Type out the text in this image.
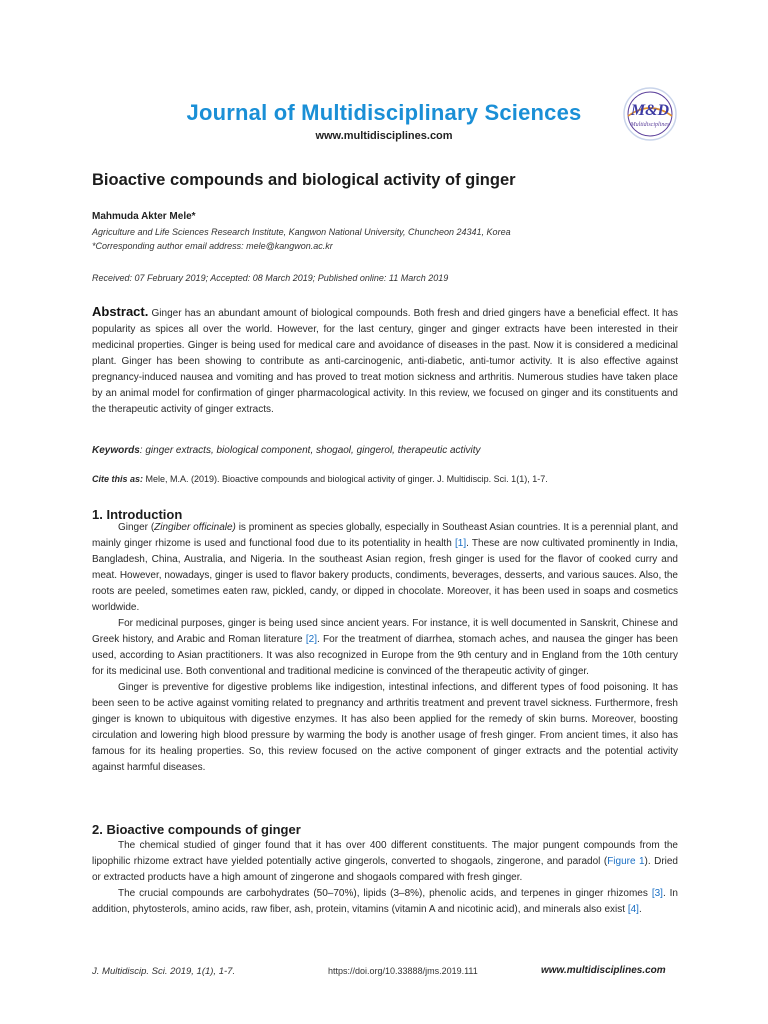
Journal of Multidisciplinary Sciences
www.multidisciplines.com
M&D
Multidisciplines
Bioactive compounds and biological activity of ginger
Mahmuda Akter Mele*
Agriculture and Life Sciences Research Institute, Kangwon National University, Chuncheon 24341, Korea
*Corresponding author email address: mele@kangwon.ac.kr
Received: 07 February 2019; Accepted: 08 March 2019; Published online: 11 March 2019
Abstract. Ginger has an abundant amount of biological compounds. Both fresh and dried gingers have a beneficial effect. It has popularity as spices all over the world. However, for the last century, ginger and ginger extracts have been interested in their medicinal properties. Ginger is being used for medical care and avoidance of diseases in the past. Now it is considered a medicinal plant. Ginger has been showing to contribute as anti-carcinogenic, anti-diabetic, anti-tumor activity. It is also effective against pregnancy-induced nausea and vomiting and has proved to treat motion sickness and arthritis. Numerous studies have taken place by an animal model for confirmation of ginger pharmacological activity. In this review, we focused on ginger and its constituents and the therapeutic activity of ginger extracts.
Keywords: ginger extracts, biological component, shogaol, gingerol, therapeutic activity
Cite this as: Mele, M.A. (2019). Bioactive compounds and biological activity of ginger. J. Multidiscip. Sci. 1(1), 1-7.
1. Introduction

Ginger (Zingiber officinale) is prominent as species globally, especially in Southeast Asian countries. It is a perennial plant, and mainly ginger rhizome is used and functional food due to its potentiality in health [1]. These are now cultivated prominently in India, Bangladesh, China, Australia, and Nigeria. In the southeast Asian region, fresh ginger is used for the flavor of cooked curry and meat. However, nowadays, ginger is used to flavor bakery products, condiments, beverages, desserts, and various sauces. Also, the roots are peeled, sometimes eaten raw, pickled, candy, or dipped in chocolate. Moreover, it has been used in soaps and cosmetics worldwide.

For medicinal purposes, ginger is being used since ancient years. For instance, it is well documented in Sanskrit, Chinese and Greek history, and Arabic and Roman literature [2]. For the treatment of diarrhea, stomach aches, and nausea the ginger has been used, according to Asian practitioners. It was also recognized in Europe from the 9th century and in England from the 10th century for its medicinal use. Both conventional and traditional medicine is convinced of the therapeutic activity of ginger.

Ginger is preventive for digestive problems like indigestion, intestinal infections, and different types of food poisoning. It has been seen to be active against vomiting related to pregnancy and arthritis treatment and prevent travel sickness. Furthermore, fresh ginger is known to ubiquitous with digestive enzymes. It has also been applied for the remedy of skin burns. Moreover, boosting circulation and lowering high blood pressure by warming the body is another usage of fresh ginger. From ancient times, it also has famous for its healing properties. So, this review focused on the active component of ginger extracts and the potential activity against harmful diseases.

2. Bioactive compounds of ginger

The chemical studied of ginger found that it has over 400 different constituents. The major pungent compounds from the lipophilic rhizome extract have yielded potentially active gingerols, converted to shogaols, zingerone, and paradol (Figure 1). Dried or extracted products have a high amount of zingerone and shogaols compared with fresh ginger.

The crucial compounds are carbohydrates (50–70%), lipids (3–8%), phenolic acids, and terpenes in ginger rhizomes [3]. In addition, phytosterols, amino acids, raw fiber, ash, protein, vitamins (vitamin A and nicotinic acid), and minerals also exist [4].

J. Multidiscip. Sci. 2019, 1(1), 1-7.	https://doi.org/10.33888/jms.2019.111	www.multidisciplines.com
